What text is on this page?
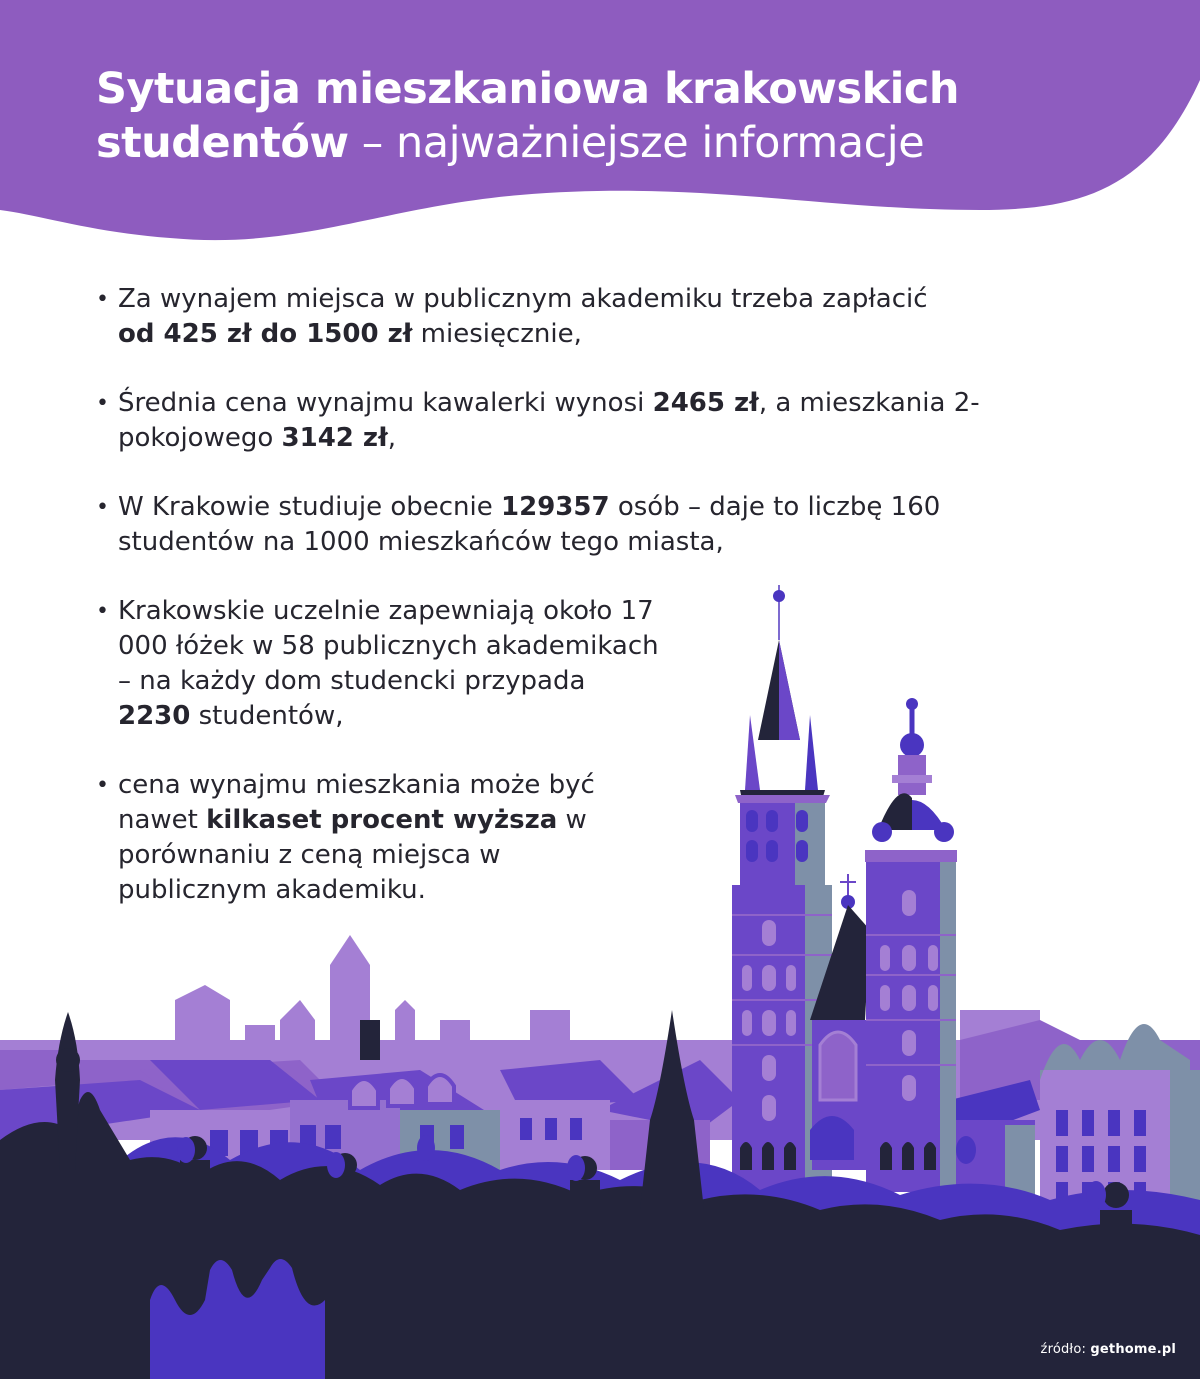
Sytuacja mieszkaniowa krakowskich
studentów – najważniejsze informacje
• Za wynajem miejsca w publicznym akademiku trzeba zapłacić
od 425 zł do 1500 zł miesięcznie,
• Średnia cena wynajmu kawalerki wynosi 2465 zł, a mieszkania 2-pokojowego 3142 zł,
• W Krakowie studiuje obecnie 129357 osób – daje to liczbę 160 studentów na 1000 mieszkańców tego miasta,
• Krakowskie uczelnie zapewniają około 17 000 łóżek w 58 publicznych akademikach – na każdy dom studencki przypada 2230 studentów,
• cena wynajmu mieszkania może być nawet kilkaset procent wyższa w porównaniu z ceną miejsca w publicznym akademiku.
źródło: gethome.pl
